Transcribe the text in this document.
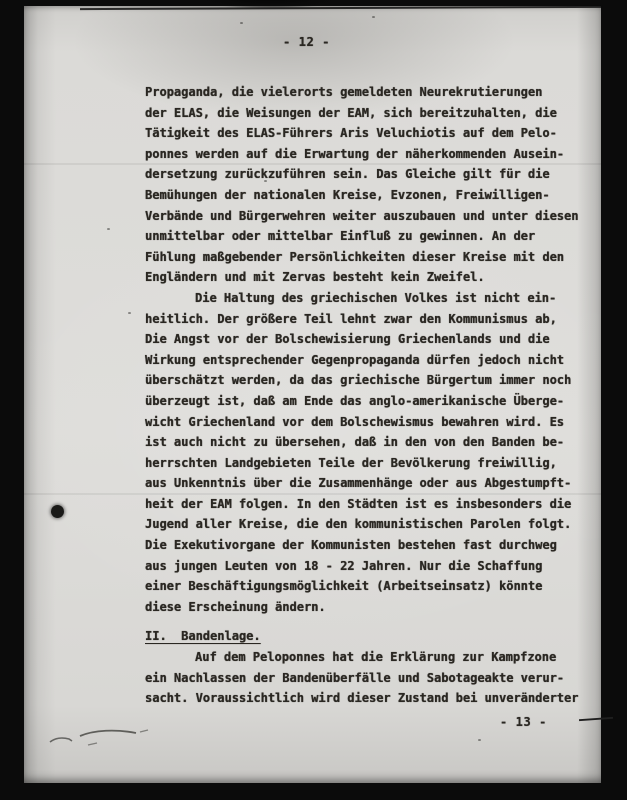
- 12 -
Propaganda, die vielerorts gemeldeten Neurekrutierungen
der ELAS, die Weisungen der EAM, sich bereitzuhalten, die
Tätigkeit des ELAS-Führers Aris Veluchiotis auf dem Pelo-
ponnes werden auf die Erwartung der näherkommenden Ausein-
dersetzung zurückzuführen sein. Das Gleiche gilt für die
Bemühungen der nationalen Kreise, Evzonen, Freiwilligen-
Verbände und Bürgerwehren weiter auszubauen und unter diesen
unmittelbar oder mittelbar Einfluß zu gewinnen. An der
Fühlung maßgebender Persönlichkeiten dieser Kreise mit den
Engländern und mit Zervas besteht kein Zweifel.
Die Haltung des griechischen Volkes ist nicht ein-
heitlich. Der größere Teil lehnt zwar den Kommunismus ab,
Die Angst vor der Bolschewisierung Griechenlands und die
Wirkung entsprechender Gegenpropaganda dürfen jedoch nicht
überschätzt werden, da das griechische Bürgertum immer noch
überzeugt ist, daß am Ende das anglo-amerikanische Überge-
wicht Griechenland vor dem Bolschewismus bewahren wird. Es
ist auch nicht zu übersehen, daß in den von den Banden be-
herrschten Landgebieten Teile der Bevölkerung freiwillig,
aus Unkenntnis über die Zusammenhänge oder aus Abgestumpft-
heit der EAM folgen. In den Städten ist es insbesonders die
Jugend aller Kreise, die den kommunistischen Parolen folgt.
Die Exekutivorgane der Kommunisten bestehen fast durchweg
aus jungen Leuten von 18 - 22 Jahren. Nur die Schaffung
einer Beschäftigungsmöglichkeit (Arbeitseinsatz) könnte
diese Erscheinung ändern.
II.  Bandenlage.
Auf dem Peloponnes hat die Erklärung zur Kampfzone
ein Nachlassen der Bandenüberfälle und Sabotageakte verur-
sacht. Voraussichtlich wird dieser Zustand bei unveränderter
- 13 -
